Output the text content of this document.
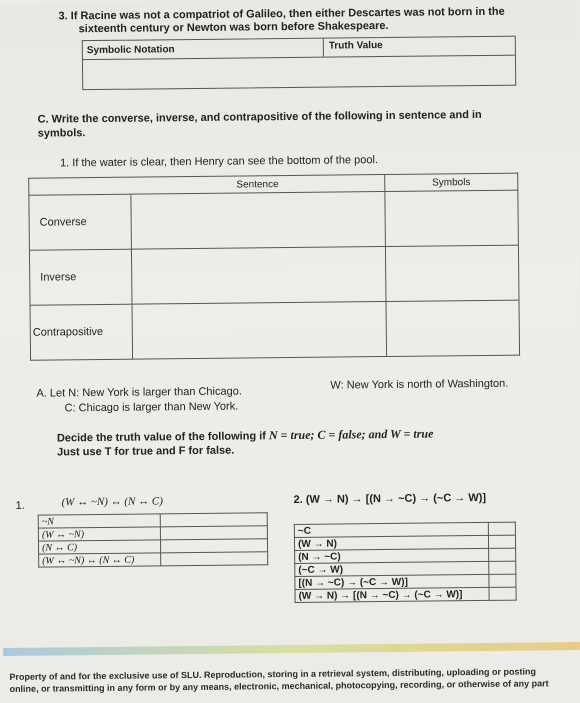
3. If Racine was not a compatriot of Galileo, then either Descartes was not born in the
sixteenth century or Newton was born before Shakespeare.
Symbolic Notation	Truth Value
C. Write the converse, inverse, and contrapositive of the following in sentence and in symbols.
1. If the water is clear, then Henry can see the bottom of the pool.
	Sentence	Symbols
Converse		
Inverse		
Contrapositive		
A. Let N: New York is larger than Chicago.
C: Chicago is larger than New York.
W: New York is north of Washington.
Decide the truth value of the following if N = true; C = false; and W = true
Just use T for true and F for false.
1.	(W ↔ ~N) ↔ (N ↔ C)
~N	
(W ↔ ~N)	
(N ↔ C)	
(W ↔ ~N) ↔ (N ↔ C)	
2. (W → N) → [(N → ~C) → (~C → W)]
~C	
(W → N)	
(N → ~C)	
(~C → W)	
[(N → ~C) → (~C → W)]	
(W → N) → [(N → ~C) → (~C → W)]	
Property of and for the exclusive use of SLU. Reproduction, storing in a retrieval system, distributing, uploading or posting
online, or transmitting in any form or by any means, electronic, mechanical, photocopying, recording, or otherwise of any part
